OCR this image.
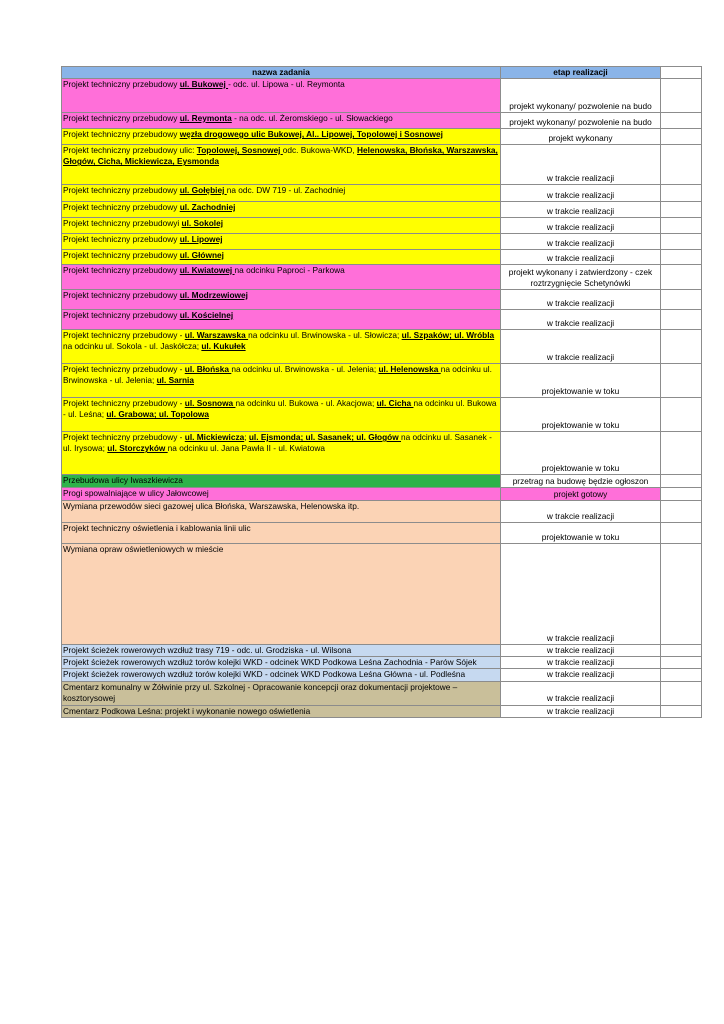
nazwa zadania	etap realizacji	
Projekt techniczny przebudowy ul. Bukowej - odc. ul. Lipowa - ul. Reymonta	projekt wykonany/ pozwolenie na budo	
Projekt techniczny przebudowy ul. Reymonta - na odc. ul. Żeromskiego - ul. Słowackiego	projekt wykonany/ pozwolenie na budo	
Projekt techniczny przebudowy węzła drogowego ulic Bukowej, Al.. Lipowej, Topolowej i Sosnowej	projekt wykonany	
Projekt techniczny przebudowy ulic: Topolowej, Sosnowej odc. Bukowa-WKD, Helenowska, Błońska, Warszawska, Głogów, Cicha, Mickiewicza, Eysmonda	w trakcie realizacji	
Projekt techniczny przebudowy ul. Gołębiej na odc. DW 719 - ul. Zachodniej	w trakcie realizacji	
Projekt techniczny przebudowy ul. Zachodniej	w trakcie realizacji	
Projekt techniczny przebudowyi ul. Sokolej	w trakcie realizacji	
Projekt techniczny przebudowy ul. Lipowej	w trakcie realizacji	
Projekt techniczny przebudowy ul. Głównej	w trakcie realizacji	
Projekt techniczny przebudowy ul. Kwiatowej na odcinku Paproci - Parkowa	projekt wykonany i zatwierdzony - czek roztrzygnięcie Schetynówki	
Projekt techniczny przebudowy ul. Modrzewiowej	w trakcie realizacji	
Projekt techniczny przebudowy ul. Kościelnej	w trakcie realizacji	
Projekt techniczny przebudowy - ul. Warszawska na odcinku ul. Brwinowska - ul. Słowicza; ul. Szpaków; ul. Wróbla na odcinku ul. Sokola - ul. Jaskółcza; ul. Kukułek	w trakcie realizacji	
Projekt techniczny przebudowy - ul. Błońska na odcinku ul. Brwinowska - ul. Jelenia; ul. Helenowska na odcinku ul. Brwinowska - ul. Jelenia; ul. Sarnia	projektowanie w toku	
Projekt techniczny przebudowy - ul. Sosnowa na odcinku ul. Bukowa - ul. Akacjowa; ul. Cicha na odcinku ul. Bukowa - ul. Leśna; ul. Grabowa; ul. Topolowa	projektowanie w toku	
Projekt techniczny przebudowy - ul. Mickiewicza; ul. Ejsmonda; ul. Sasanek; ul. Głogów na odcinku ul. Sasanek - ul. Irysowa; ul. Storczyków na odcinku ul. Jana Pawła II - ul. Kwiatowa	projektowanie w toku	
Przebudowa ulicy Iwaszkiewicza	przetrag na budowę będzie ogłoszon	
Progi spowalniające w ulicy Jałowcowej	projekt gotowy	
Wymiana przewodów sieci gazowej ulica Błońska, Warszawska, Helenowska itp.	w trakcie realizacji	
Projekt techniczny oświetlenia i kablowania linii ulic	projektowanie w toku	
Wymiana opraw oświetleniowych w mieście	w trakcie realizacji	
Projekt ścieżek rowerowych wzdłuż trasy 719 - odc. ul. Grodziska - ul. Wilsona	w trakcie realizacji	
Projekt ścieżek rowerowych wzdłuż torów kolejki WKD - odcinek WKD Podkowa Leśna Zachodnia - Parów Sójek	w trakcie realizacji	
Projekt ścieżek rowerowych wzdłuż torów kolejki WKD - odcinek WKD Podkowa Leśna Główna - ul. Podleśna	w trakcie realizacji	
Cmentarz komunalny w Żółwinie przy ul. Szkolnej - Opracowanie koncepcji oraz dokumentacji projektowe – kosztorysowej	w trakcie realizacji	
Cmentarz Podkowa Leśna: projekt i wykonanie nowego oświetlenia	w trakcie realizacji	
